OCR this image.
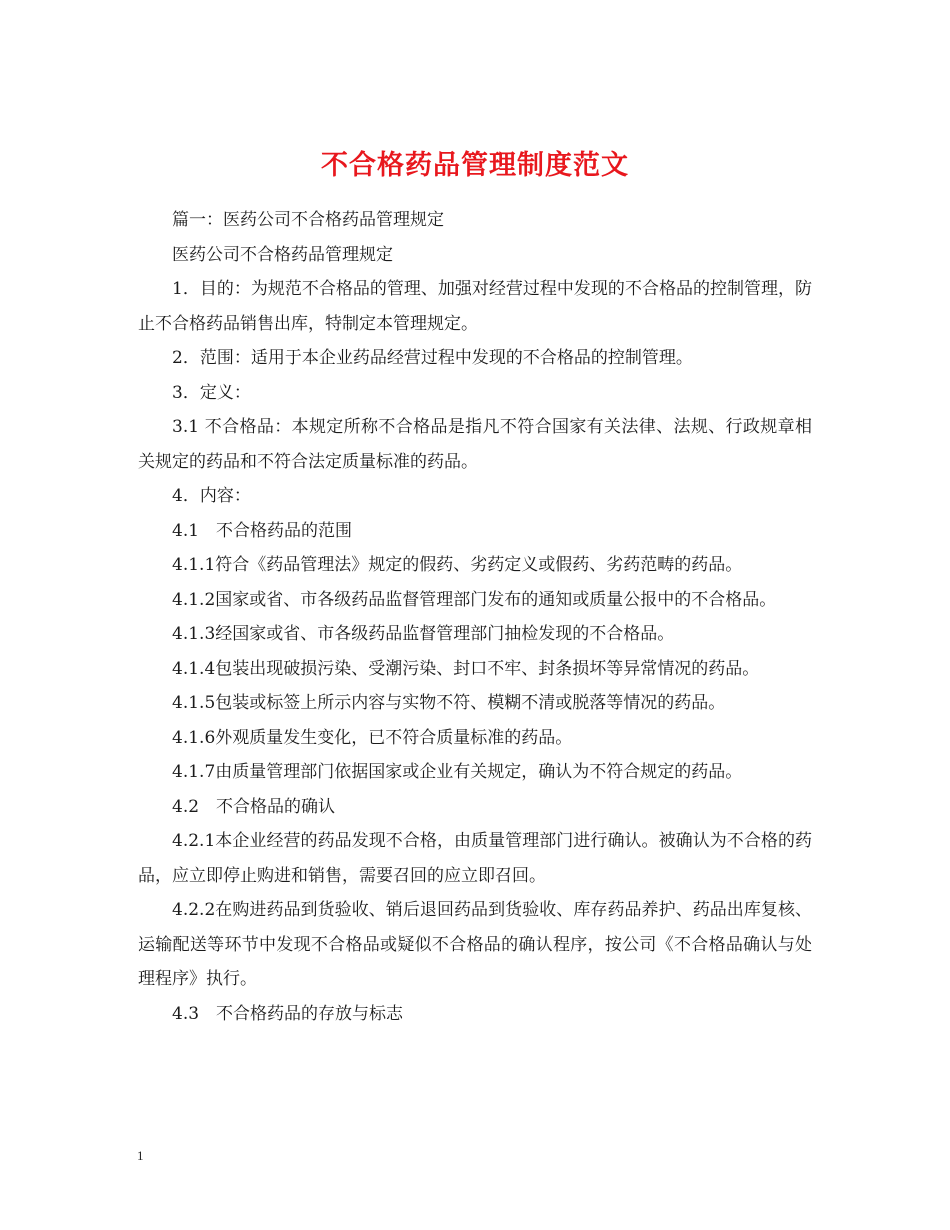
不合格药品管理制度范文

篇一：医药公司不合格药品管理规定

医药公司不合格药品管理规定

1．目的：为规范不合格品的管理、加强对经营过程中发现的不合格品的控制管理，防止不合格药品销售出库，特制定本管理规定。

2．范围：适用于本企业药品经营过程中发现的不合格品的控制管理。

3．定义：

3.1 不合格品：本规定所称不合格品是指凡不符合国家有关法律、法规、行政规章相关规定的药品和不符合法定质量标准的药品。

4．内容：

4.1　不合格药品的范围

4.1.1符合《药品管理法》规定的假药、劣药定义或假药、劣药范畴的药品。

4.1.2国家或省、市各级药品监督管理部门发布的通知或质量公报中的不合格品。

4.1.3经国家或省、市各级药品监督管理部门抽检发现的不合格品。

4.1.4包装出现破损污染、受潮污染、封口不牢、封条损坏等异常情况的药品。

4.1.5包装或标签上所示内容与实物不符、模糊不清或脱落等情况的药品。

4.1.6外观质量发生变化，已不符合质量标准的药品。

4.1.7由质量管理部门依据国家或企业有关规定，确认为不符合规定的药品。

4.2　不合格品的确认

4.2.1本企业经营的药品发现不合格，由质量管理部门进行确认。被确认为不合格的药品，应立即停止购进和销售，需要召回的应立即召回。

4.2.2在购进药品到货验收、销后退回药品到货验收、库存药品养护、药品出库复核、运输配送等环节中发现不合格品或疑似不合格品的确认程序，按公司《不合格品确认与处理程序》执行。

4.3　不合格药品的存放与标志

1
